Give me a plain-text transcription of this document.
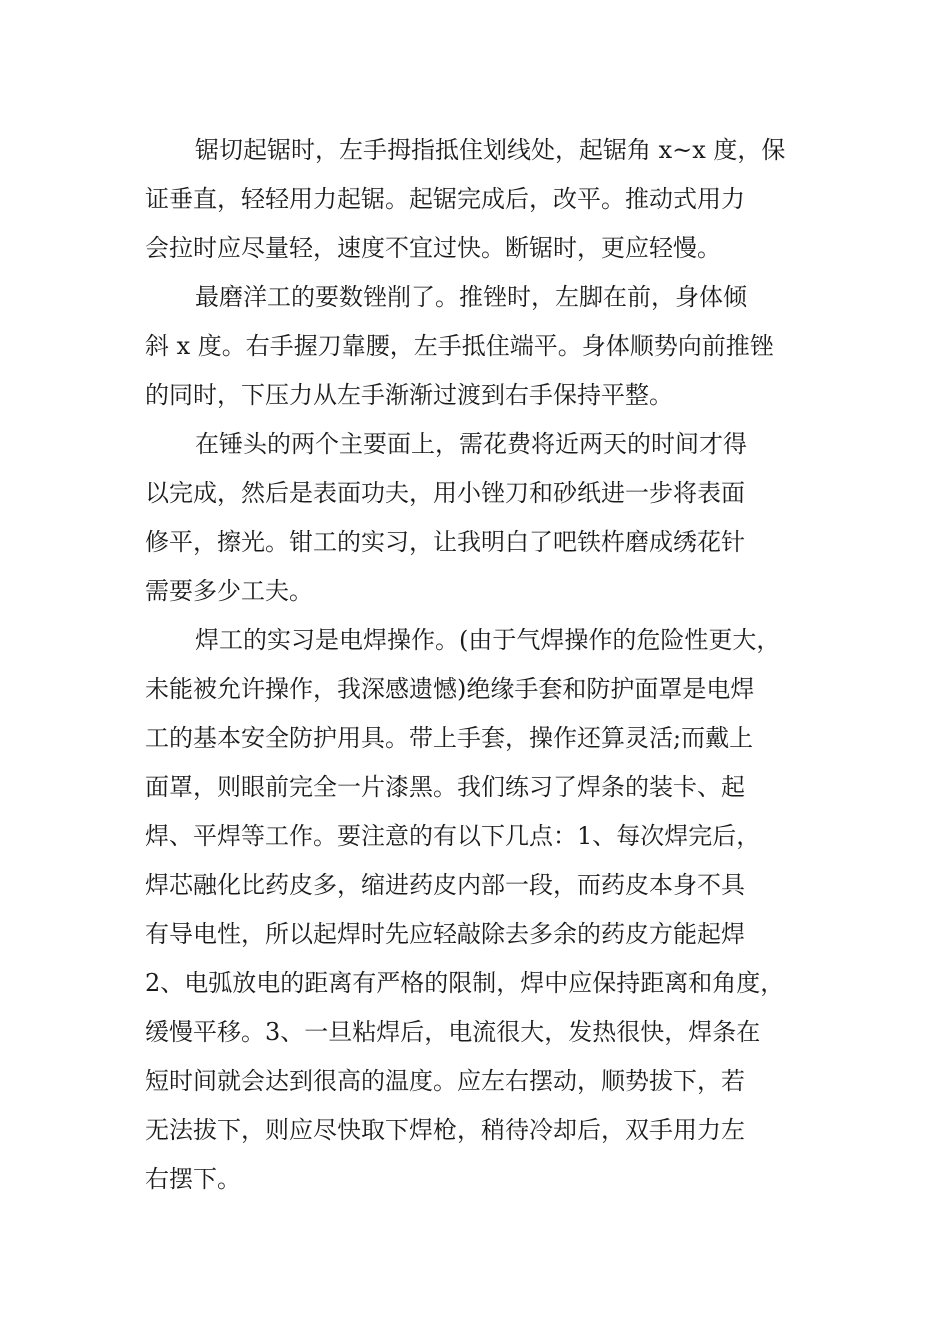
锯切起锯时，左手拇指抵住划线处，起锯角 x~x 度，保
证垂直，轻轻用力起锯。起锯完成后，改平。推动式用力
会拉时应尽量轻，速度不宜过快。断锯时，更应轻慢。
最磨洋工的要数锉削了。推锉时，左脚在前，身体倾
斜 x 度。右手握刀靠腰，左手抵住端平。身体顺势向前推锉
的同时，下压力从左手渐渐过渡到右手保持平整。
在锤头的两个主要面上，需花费将近两天的时间才得
以完成，然后是表面功夫，用小锉刀和砂纸进一步将表面
修平，擦光。钳工的实习，让我明白了吧铁杵磨成绣花针
需要多少工夫。
焊工的实习是电焊操作。(由于气焊操作的危险性更大，
未能被允许操作，我深感遗憾)绝缘手套和防护面罩是电焊
工的基本安全防护用具。带上手套，操作还算灵活;而戴上
面罩，则眼前完全一片漆黑。我们练习了焊条的装卡、起
焊、平焊等工作。要注意的有以下几点：1、每次焊完后，
焊芯融化比药皮多，缩进药皮内部一段，而药皮本身不具
有导电性，所以起焊时先应轻敲除去多余的药皮方能起焊
2、电弧放电的距离有严格的限制，焊中应保持距离和角度，
缓慢平移。3、一旦粘焊后，电流很大，发热很快，焊条在
短时间就会达到很高的温度。应左右摆动，顺势拔下，若
无法拔下，则应尽快取下焊枪，稍待冷却后，双手用力左
右摆下。
